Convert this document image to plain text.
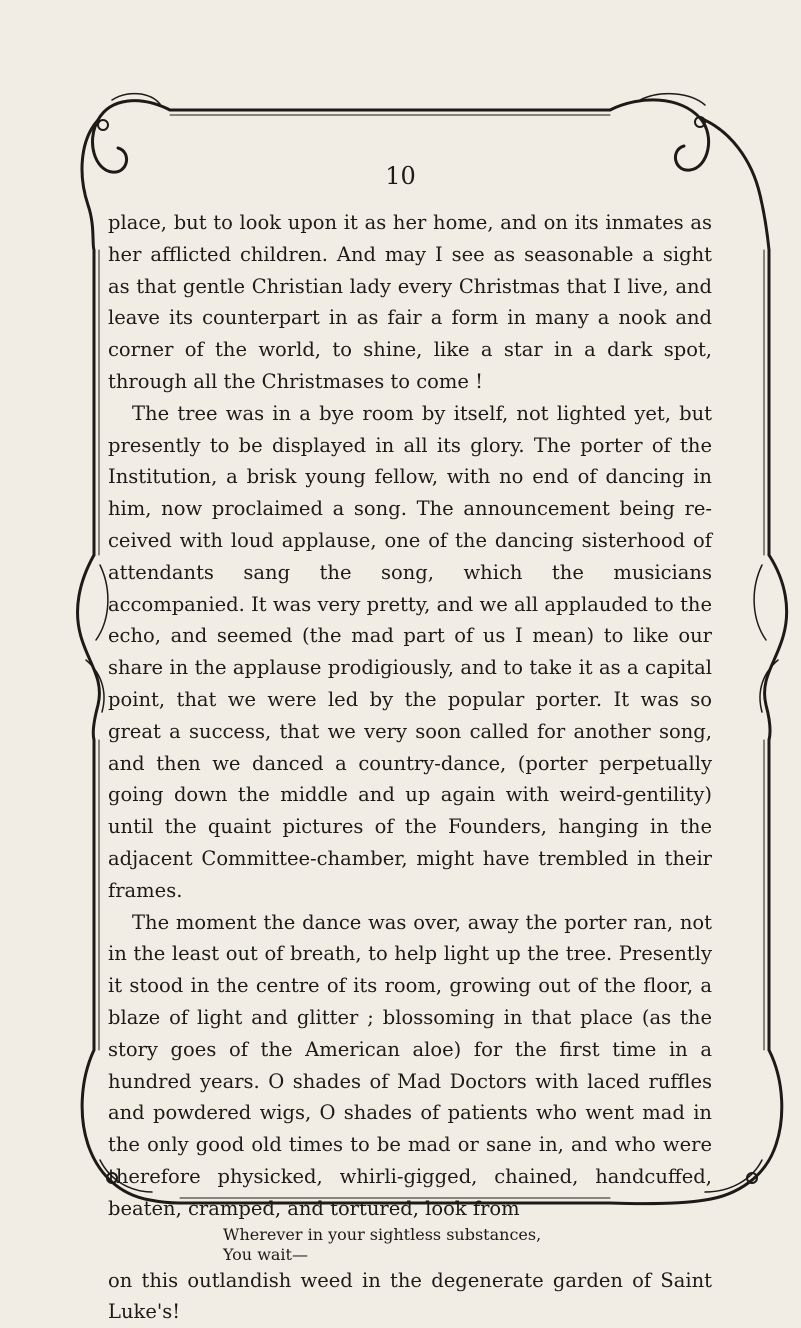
10

place, but to look upon it as her home, and on its inmates as her afflicted children. And may I see as seasonable a sight as that gentle Christian lady every Christmas that I live, and leave its counterpart in as fair a form in many a nook and corner of the world, to shine, like a star in a dark spot, through all the Christmases to come !

The tree was in a bye room by itself, not lighted yet, but presently to be displayed in all its glory. The porter of the Institution, a brisk young fellow, with no end of dancing in him, now proclaimed a song. The announcement being re-ceived with loud applause, one of the dancing sisterhood of attendants sang the song, which the musicians accompanied. It was very pretty, and we all applauded to the echo, and seemed (the mad part of us I mean) to like our share in the applause prodigiously, and to take it as a capital point, that we were led by the popular porter. It was so great a success, that we very soon called for another song, and then we danced a country-dance, (porter perpetually going down the middle and up again with weird-gentility) until the quaint pictures of the Founders, hanging in the adjacent Committee-chamber, might have trembled in their frames.

The moment the dance was over, away the porter ran, not in the least out of breath, to help light up the tree. Presently it stood in the centre of its room, growing out of the floor, a blaze of light and glitter ; blossoming in that place (as the story goes of the American aloe) for the first time in a hundred years. O shades of Mad Doctors with laced ruffles and powdered wigs, O shades of patients who went mad in the only good old times to be mad or sane in, and who were therefore physicked, whirli-gigged, chained, handcuffed, beaten, cramped, and tortured, look from

Wherever in your sightless substances,
You wait—

on this outlandish weed in the degenerate garden of Saint Luke's!
